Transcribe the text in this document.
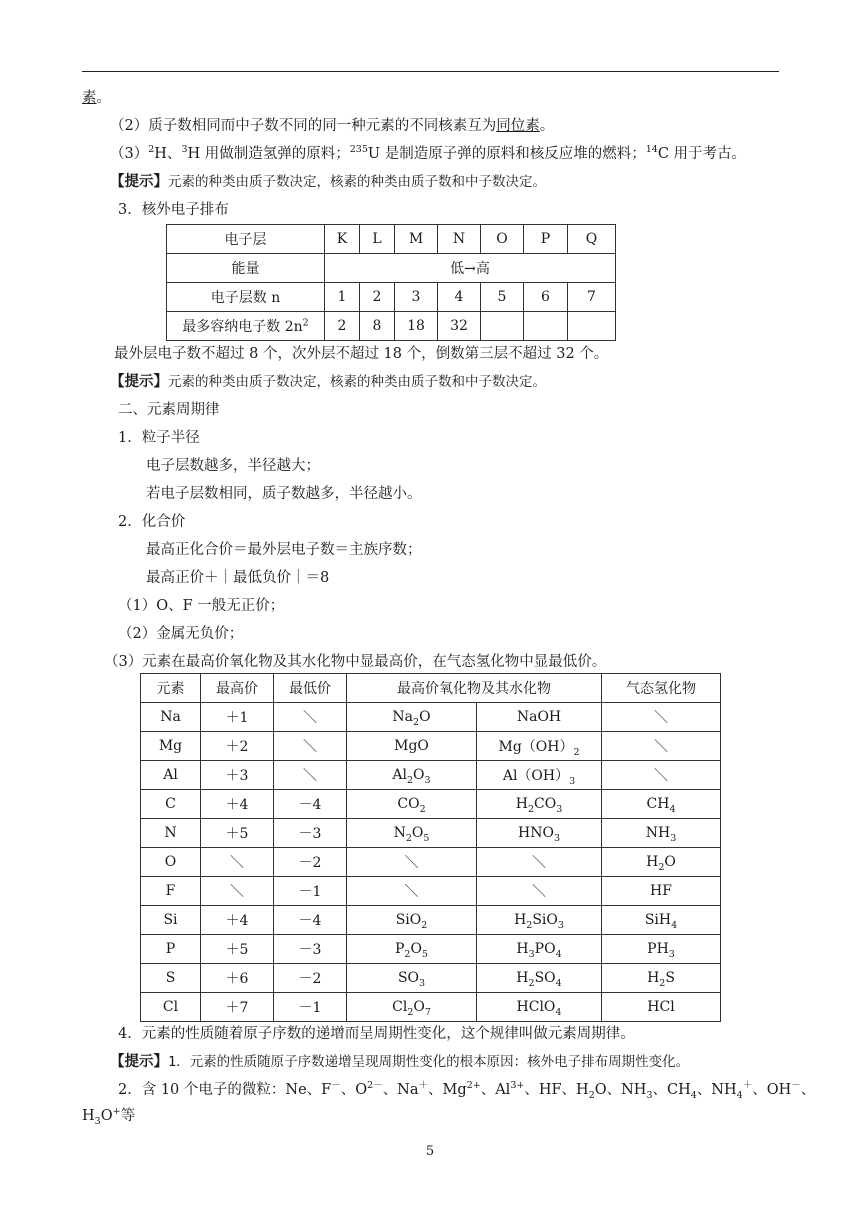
素。
（2）质子数相同而中子数不同的同一种元素的不同核素互为同位素。
$(3)^2H$、$^3$H 用做制造氢弹的原料；$^{235}$U 是制造原子弹的原料和核反应堆的燃料；$^{14}$C 用于考古。
【提示】元素的种类由质子数决定，核素的种类由质子数和中子数决定。
3．核外电子排布
电子层	K	L	M	N	O	P	Q
能量	低→高						
电子层数 n	1	2	3	4	5	6	7
最多容纳电子数 $2n^2$	2	8	18	32			
最外层电子数不超过 8 个，次外层不超过 18 个，倒数第三层不超过 32 个。
【提示】元素的种类由质子数决定，核素的种类由质子数和中子数决定。
二、元素周期律
1．粒子半径
电子层数越多，半径越大；
若电子层数相同，质子数越多，半径越小。
2．化合价
最高正化合价＝最外层电子数＝主族序数；
最高正价＋｜最低负价｜＝8
（1）O、F 一般无正价；
（2）金属无负价；
（3）元素在最高价氧化物及其水化物中显最高价，在气态氢化物中显最低价。
元素	最高价	最低价	最高价氧化物及其水化物		气态氢化物
Na	＋1	＼	$Na_2O$	NaOH	＼
Mg	＋2	＼	MgO	$Mg(OH)_2$	＼
Al	＋3	＼	$Al_2O_3$	$Al(OH)_3$	＼
C	＋4	－4	$CO_2$	$H_2CO_3$	$CH_4$
N	＋5	－3	$N_2O_5$	$HNO_3$	$NH_3$
O	＼	－2	＼	＼	$H_2O$
F	＼	－1	＼	＼	HF
Si	＋4	－4	SiO$_2$	$H_2SiO_3$	SiH$_4$
P	＋5	－3	$P_2O_5$	$H_3PO_4$	$PH_3$
S	＋6	－2	$SO_3$	$H_2SO_4$	$H_2S$
Cl	＋7	－1	$Cl_2O_7$	HClO$_4$	HCl
4．元素的性质随着原子序数的递增而呈周期性变化，这个规律叫做元素周期律。
【提示】1．元素的性质随原子序数递增呈现周期性变化的根本原因：核外电子排布周期性变化。
2．含 10 个电子的微粒：Ne、F－、$O^{2-}$、Na＋、$Mg^{2+}$、$Al^{3+}$、HF、$H_2O$、$NH_3$、$CH_4$、$NH_4^+$、OH－、
$H_3O^+$等
5
